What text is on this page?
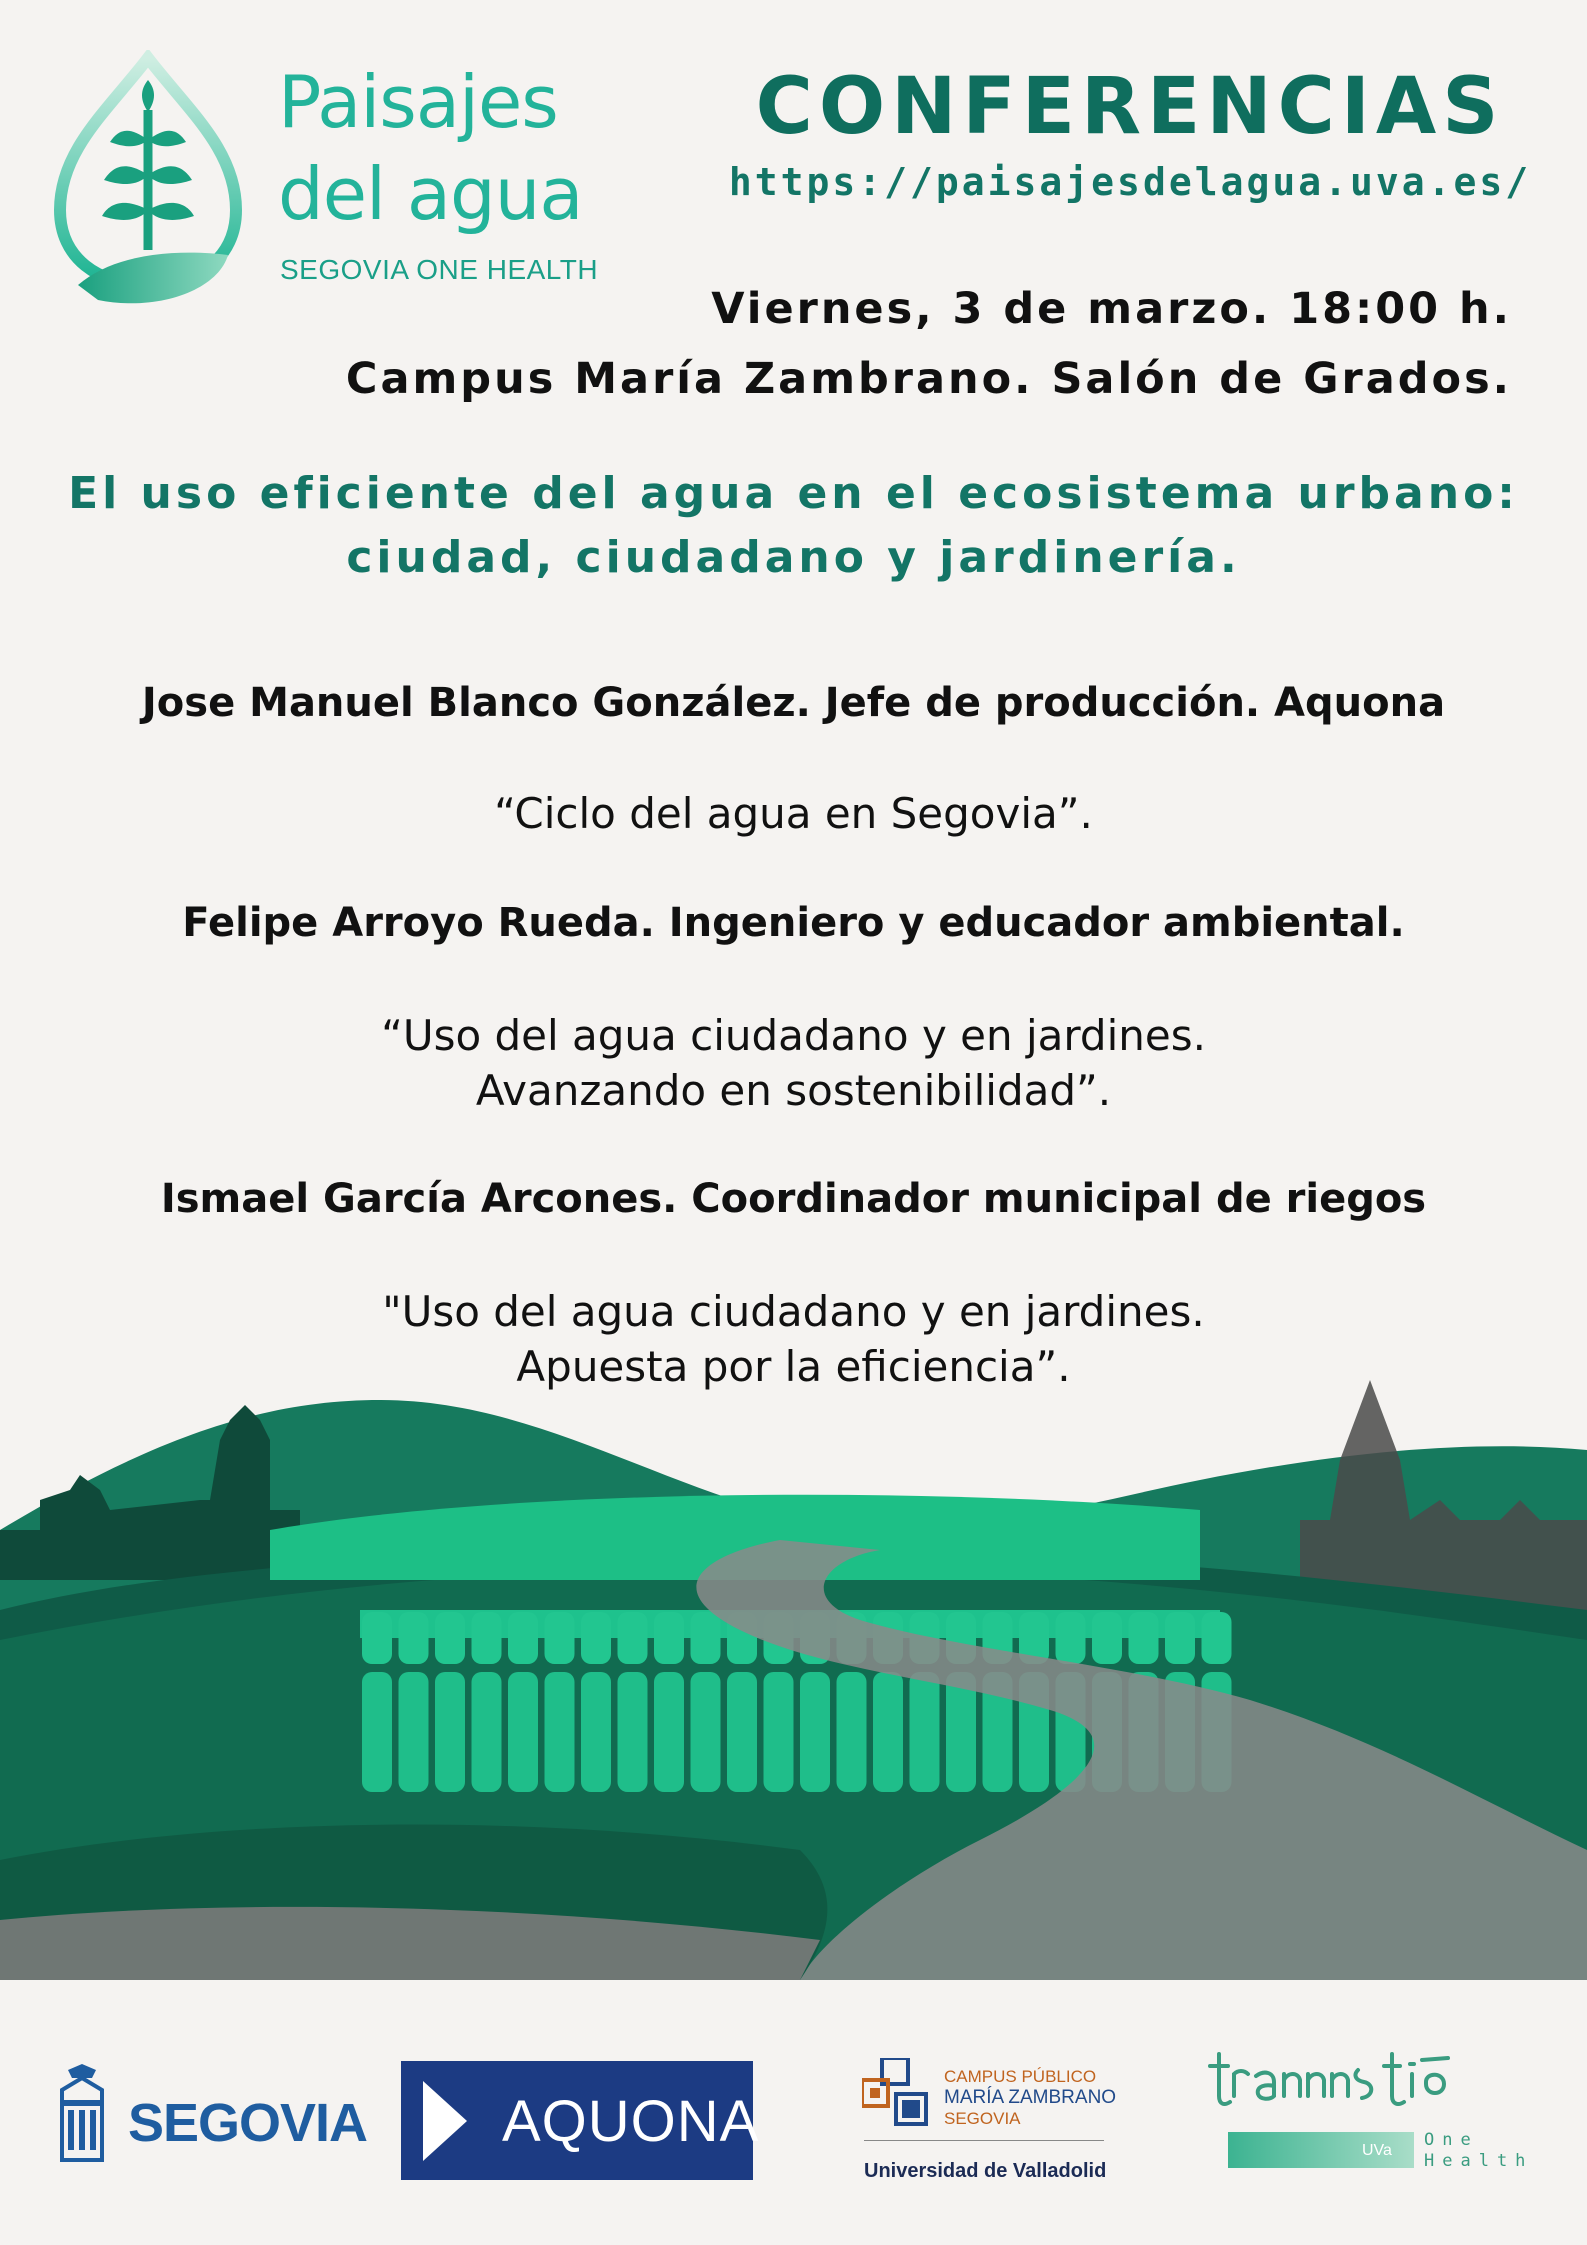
Paisajes
del agua
SEGOVIA ONE HEALTH
CONFERENCIAS
https://paisajesdelagua.uva.es/
Viernes, 3 de marzo. 18:00 h.
Campus María Zambrano. Salón de Grados.
El uso eficiente del agua en el ecosistema urbano:
ciudad, ciudadano y jardinería.
Jose Manuel Blanco González. Jefe de producción. Aquona
“Ciclo del agua en Segovia”.
Felipe Arroyo Rueda. Ingeniero y educador ambiental.
“Uso del agua ciudadano y en jardines.
Avanzando en sostenibilidad”.
Ismael García Arcones. Coordinador municipal de riegos
"Uso del agua ciudadano y en jardines.
Apuesta por la eficiencia”.
SEGOVIA AQUONA
CAMPUS PÚBLICO
MARÍA ZAMBRANO
SEGOVIA
Universidad de Valladolid
UVa
One
Health
